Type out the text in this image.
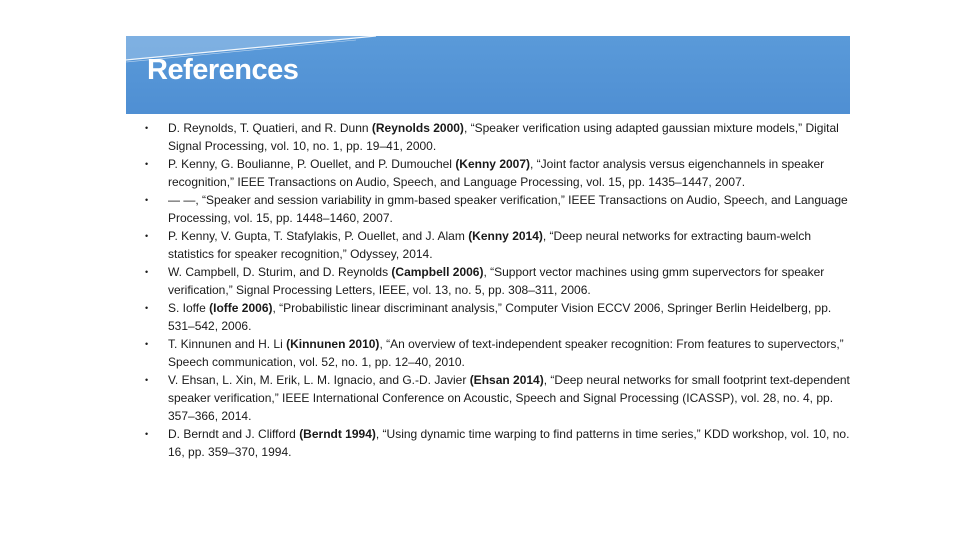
References
• D. Reynolds, T. Quatieri, and R. Dunn (Reynolds 2000), “Speaker verification using adapted gaussian mixture models,” Digital Signal Processing, vol. 10, no. 1, pp. 19–41, 2000.
• P. Kenny, G. Boulianne, P. Ouellet, and P. Dumouchel (Kenny 2007), “Joint factor analysis versus eigenchannels in speaker recognition,” IEEE Transactions on Audio, Speech, and Language Processing, vol. 15, pp. 1435–1447, 2007.
• — —, “Speaker and session variability in gmm-based speaker verification,” IEEE Transactions on Audio, Speech, and Language Processing, vol. 15, pp. 1448–1460, 2007.
• P. Kenny, V. Gupta, T. Stafylakis, P. Ouellet, and J. Alam (Kenny 2014), “Deep neural networks for extracting baum-welch statistics for speaker recognition,” Odyssey, 2014.
• W. Campbell, D. Sturim, and D. Reynolds (Campbell 2006), “Support vector machines using gmm supervectors for speaker verification,” Signal Processing Letters, IEEE, vol. 13, no. 5, pp. 308–311, 2006.
• S. Ioffe (Ioffe 2006), “Probabilistic linear discriminant analysis,” Computer Vision ECCV 2006, Springer Berlin Heidelberg, pp. 531–542, 2006.
• T. Kinnunen and H. Li (Kinnunen 2010), “An overview of text-independent speaker recognition: From features to supervectors,” Speech communication, vol. 52, no. 1, pp. 12–40, 2010.
• V. Ehsan, L. Xin, M. Erik, L. M. Ignacio, and G.-D. Javier (Ehsan 2014), “Deep neural networks for small footprint text-dependent speaker verification,” IEEE International Conference on Acoustic, Speech and Signal Processing (ICASSP), vol. 28, no. 4, pp. 357–366, 2014.
• D. Berndt and J. Clifford (Berndt 1994), “Using dynamic time warping to find patterns in time series,” KDD workshop, vol. 10, no. 16, pp. 359–370, 1994.
